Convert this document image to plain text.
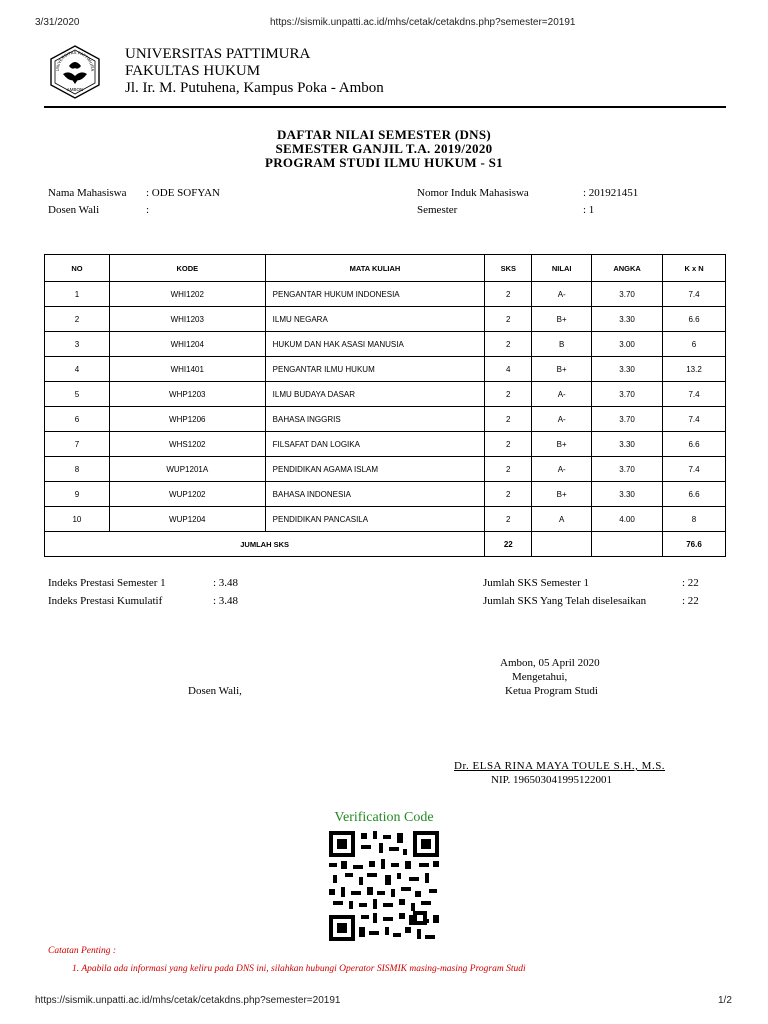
3/31/2020	https://sismik.unpatti.ac.id/mhs/cetak/cetakdns.php?semester=20191
https://sismik.unpatti.ac.id/mhs/cetak/cetakdns.php?semester=20191	1/2
UNIVERSITAS PATTIMURA
AMBON
UNIVERSITAS PATTIMURA
FAKULTAS HUKUM
Jl. Ir. M. Putuhena, Kampus Poka - Ambon
DAFTAR NILAI SEMESTER (DNS)
SEMESTER GANJIL T.A. 2019/2020
PROGRAM STUDI ILMU HUKUM - S1
Nama Mahasiswa : ODE SOFYAN
Dosen Wali	:
Nomor Induk Mahasiswa	: 201921451
Semester	: 1
NO	KODE	MATA KULIAH	SKS	NILAI	ANGKA	K x N
1	WHI1202	PENGANTAR HUKUM INDONESIA	2	A-	3.70	7.4
2	WHI1203	ILMU NEGARA	2	B+	3.30	6.6
3	WHI1204	HUKUM DAN HAK ASASI MANUSIA	2	B	3.00	6
4	WHI1401	PENGANTAR ILMU HUKUM	4	B+	3.30	13.2
5	WHP1203	ILMU BUDAYA DASAR	2	A-	3.70	7.4
6	WHP1206	BAHASA INGGRIS	2	A-	3.70	7.4
7	WHS1202	FILSAFAT DAN LOGIKA	2	B+	3.30	6.6
8	WUP1201A	PENDIDIKAN AGAMA ISLAM	2	A-	3.70	7.4
9	WUP1202	BAHASA INDONESIA	2	B+	3.30	6.6
10	WUP1204	PENDIDIKAN PANCASILA	2	A	4.00	8
JUMLAH SKS			22			76.6
Indeks Prestasi Semester 1	: 3.48
Indeks Prestasi Kumulatif	: 3.48
Jumlah SKS Semester 1	: 22
Jumlah SKS Yang Telah diselesaikan	: 22
Ambon, 05 April 2020
Mengetahui,
Ketua Program Studi
Dosen Wali,
Dr. ELSA RINA MAYA TOULE S.H., M.S.
NIP. 196503041995122001
Verification Code
Catatan Penting :
1. Apabila ada informasi yang keliru pada DNS ini, silahkan hubungi Operator SISMIK masing-masing Program Studi
